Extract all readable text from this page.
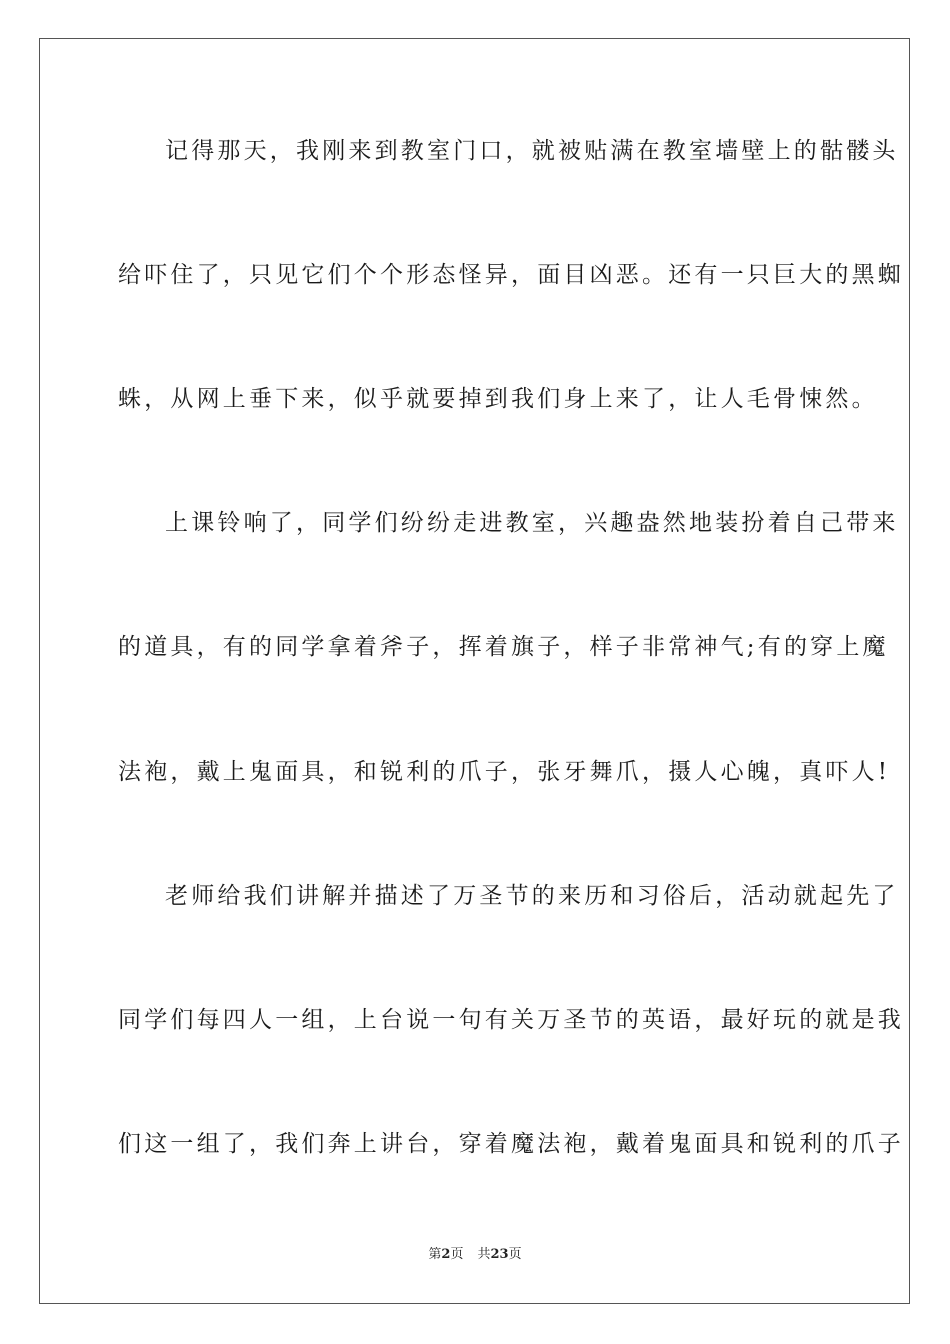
记得那天，我刚来到教室门口，就被贴满在教室墙壁上的骷髅头
给吓住了，只见它们个个形态怪异，面目凶恶。还有一只巨大的黑蜘
蛛，从网上垂下来，似乎就要掉到我们身上来了，让人毛骨悚然。
上课铃响了，同学们纷纷走进教室，兴趣盎然地装扮着自己带来
的道具，有的同学拿着斧子，挥着旗子，样子非常神气;有的穿上魔
法袍，戴上鬼面具，和锐利的爪子，张牙舞爪，摄人心魄，真吓人!
老师给我们讲解并描述了万圣节的来历和习俗后，活动就起先了
同学们每四人一组，上台说一句有关万圣节的英语，最好玩的就是我
们这一组了，我们奔上讲台，穿着魔法袍，戴着鬼面具和锐利的爪子
第2页 共23页
